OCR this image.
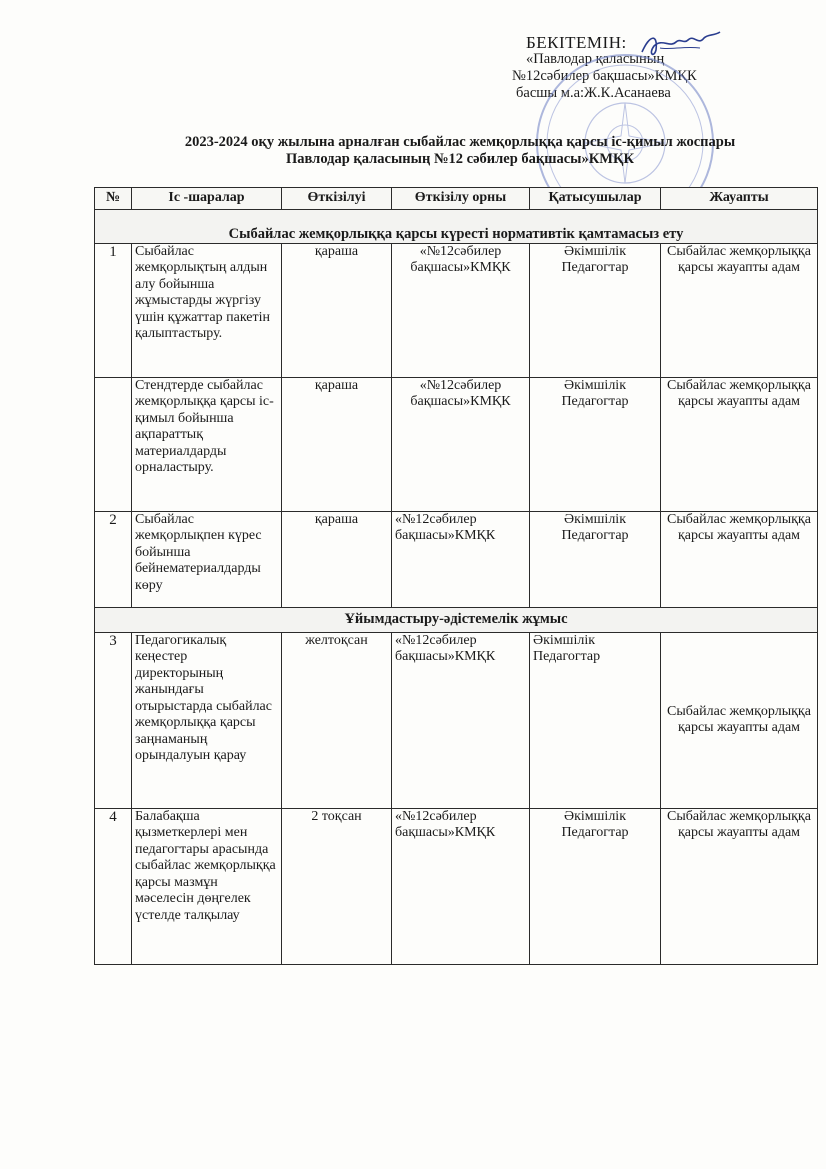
БЕКІТЕМІН:
«Павлодар қаласының
№12сәбилер бақшасы»КМҚК
басшы м.а:Ж.К.Асанаева
2023-2024 оқу жылына арналған сыбайлас жемқорлыққа қарсы іс-қимыл жоспары
Павлодар қаласының №12 сәбилер бақшасы»КМҚК
№	Іс -шаралар	Өткізілуі	Өткізілу орны	Қатысушылар	Жауапты

Сыбайлас жемқорлыққа қарсы күресті нормативтік қамтамасыз ету					
1	Сыбайлас жемқорлықтың алдын алу бойынша жұмыстарды жүргізу үшін құжаттар пакетін қалыптастыру.	қараша	«№12сәбилер бақшасы»КМҚК	Әкімшілік Педагогтар	Сыбайлас жемқорлыққа қарсы жауапты адам
	Стендтерде сыбайлас жемқорлыққа қарсы іс-қимыл бойынша ақпараттық материалдарды орналастыру.	қараша	«№12сәбилер бақшасы»КМҚК	Әкімшілік Педагогтар	Сыбайлас жемқорлыққа қарсы жауапты адам
2	Сыбайлас жемқорлықпен күрес бойынша бейнематериалдарды көру	қараша	«№12сәбилер бақшасы»КМҚК	Әкімшілік Педагогтар	Сыбайлас жемқорлыққа қарсы жауапты адам
Ұйымдастыру-әдістемелік жұмыс					
3	Педагогикалық кеңестер директорының жанындағы отырыстарда сыбайлас жемқорлыққа қарсы заңнаманың орындалуын қарау	желтоқсан	«№12сәбилер бақшасы»КМҚК	Әкімшілік Педагогтар	Сыбайлас жемқорлыққа қарсы жауапты адам
4	Балабақша қызметкерлері мен педагогтары арасында сыбайлас жемқорлыққа қарсы мазмұн мәселесін дөңгелек үстелде талқылау	2 тоқсан	«№12сәбилер бақшасы»КМҚК	Әкімшілік Педагогтар	Сыбайлас жемқорлыққа қарсы жауапты адам
